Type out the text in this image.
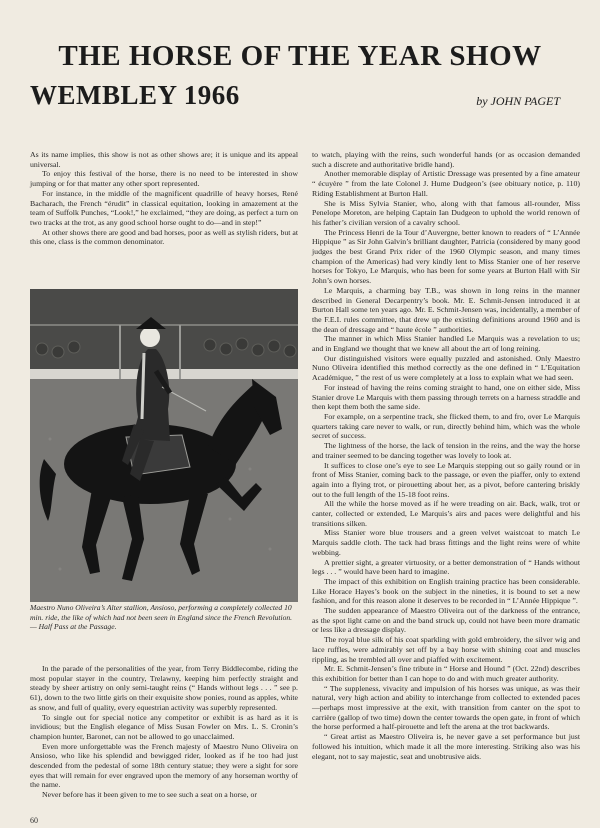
THE HORSE OF THE YEAR SHOW
WEMBLEY 1966	by JOHN PAGET

As its name implies, this show is not as other shows are; it is unique and its appeal universal.

To enjoy this festival of the horse, there is no need to be interested in show jumping or for that matter any other sport represented.

For instance, in the middle of the magnificent quadrille of heavy horses, René Bacharach, the French “érudit” in classical equitation, looking in amazement at the team of Suffolk Punches, “Look!,” he exclaimed, “they are doing, as perfect a turn on two tracks at the trot, as any good school horse ought to do—and in step!”

At other shows there are good and bad horses, poor as well as stylish riders, but at this one, class is the common denominator.

Maestro Nuno Oliveira’s Alter stallion, Ansioso, performing a completely collected 10 min. ride, the like of which had not been seen in England since the French Revolution. — Half Pass at the Passage.

In the parade of the personalities of the year, from Terry Biddlecombe, riding the most popular stayer in the country, Trelawny, keeping him perfectly straight and steady by sheer artistry on only semi-taught reins (“ Hands without legs . . . ” see p. 61), down to the two little girls on their exquisite show ponies, round as apples, white as snow, and full of quality, every equestrian activity was superbly represented.

To single out for special notice any competitor or exhibit is as hard as it is invidious; but the English elegance of Miss Susan Fowler on Mrs. L. S. Cronin’s champion hunter, Baronet, can not be allowed to go unacclaimed.

Even more unforgettable was the French majesty of Maestro Nuno Oliveira on Ansioso, who like his splendid and bewigged rider, looked as if he too had just descended from the pedestal of some 18th century statue; they were a sight for sore eyes that will remain for ever engraved upon the memory of any horseman worthy of the name.

Never before has it been given to me to see such a seat on a horse, or

to watch, playing with the reins, such wonderful hands (or as occasion demanded such a discrete and authoritative bridle hand).

Another memorable display of Artistic Dressage was presented by a fine amateur “ écuyère ” from the late Colonel J. Hume Dudgeon’s (see obituary notice, p. 110) Riding Establishment at Burton Hall.

She is Miss Sylvia Stanier, who, along with that famous all-rounder, Miss Penelope Moreton, are helping Captain Ian Dudgeon to uphold the world renown of his father’s civilian version of a cavalry school.

The Princess Henri de la Tour d’Auvergne, better known to readers of “ L’Année Hippique ” as Sir John Galvin’s brilliant daughter, Patricia (considered by many good judges the best Grand Prix rider of the 1960 Olympic season, and many times champion of the Americas) had very kindly lent to Miss Stanier one of her reserve horses for Tokyo, Le Marquis, who has been for some years at Burton Hall with Sir John’s own horses.

Le Marquis, a charming bay T.B., was shown in long reins in the manner described in General Decarpentry’s book. Mr. E. Schmit-Jensen introduced it at Burton Hall some ten years ago. Mr. E. Schmit-Jensen was, incidentally, a member of the F.E.I. rules committee, that drew up the existing definitions around 1960 and is the dean of dressage and “ haute école ” authorities.

The manner in which Miss Stanier handled Le Marquis was a revelation to us; and in England we thought that we knew all about the art of long reining.

Our distinguished visitors were equally puzzled and astonished. Only Maestro Nuno Oliveira identified this method correctly as the one defined in “ L’Equitation Académique, ” the rest of us were completely at a loss to explain what we had seen.

For instead of having the reins coming straight to hand, one on either side, Miss Stanier drove Le Marquis with them passing through terrets on a harness straddle and then kept them both the same side.

For example, on a serpentine track, she flicked them, to and fro, over Le Marquis quarters taking care never to walk, or run, directly behind him, which was the whole secret of success.

The lightness of the horse, the lack of tension in the reins, and the way the horse and trainer seemed to be dancing together was lovely to look at.

It suffices to close one’s eye to see Le Marquis stepping out so gaily round or in front of Miss Stanier, coming back to the passage, or even the piaffer, only to extend again into a flying trot, or pirouetting about her, as a pivot, before cantering briskly out to the full length of the 15-18 foot reins.

All the while the horse moved as if he were treading on air. Back, walk, trot or canter, collected or extended, Le Marquis’s airs and paces were delightful and his transitions silken.

Miss Stanier wore blue trousers and a green velvet waistcoat to match Le Marquis saddle cloth. The tack had brass fittings and the light reins were of white webbing.

A prettier sight, a greater virtuosity, or a better demonstration of “ Hands without legs . . . ” would have been hard to imagine.

The impact of this exhibition on English training practice has been considerable. Like Horace Hayes’s book on the subject in the nineties, it is bound to set a new fashion, and for this reason alone it deserves to be recorded in “ L’Année Hippique ”.

The sudden appearance of Maestro Oliveira out of the darkness of the entrance, as the spot light came on and the band struck up, could not have been more dramatic or less like a dressage display.

The royal blue silk of his coat sparkling with gold embroidery, the silver wig and lace ruffles, were admirably set off by a bay horse with shining coat and muscles rippling, as he trembled all over and piaffed with excitement.

Mr. E. Schmit-Jensen’s fine tribute in “ Horse and Hound ” (Oct. 22nd) describes this exhibition for better than I can hope to do and with much greater authority.

“ The suppleness, vivacity and impulsion of his horses was unique, as was their natural, very high action and ability to interchange from collected to extended paces—perhaps most impressive at the exit, with transition from canter on the spot to carrière (gallop of two time) down the center towards the open gate, in front of which the horse performed a half-pirouette and left the arena at the trot backwards.

“ Great artist as Maestro Oliveira is, he never gave a set performance but just followed his intuition, which made it all the more interesting. Striking also was his elegant, not to say majestic, seat and unobtrusive aids.

60
